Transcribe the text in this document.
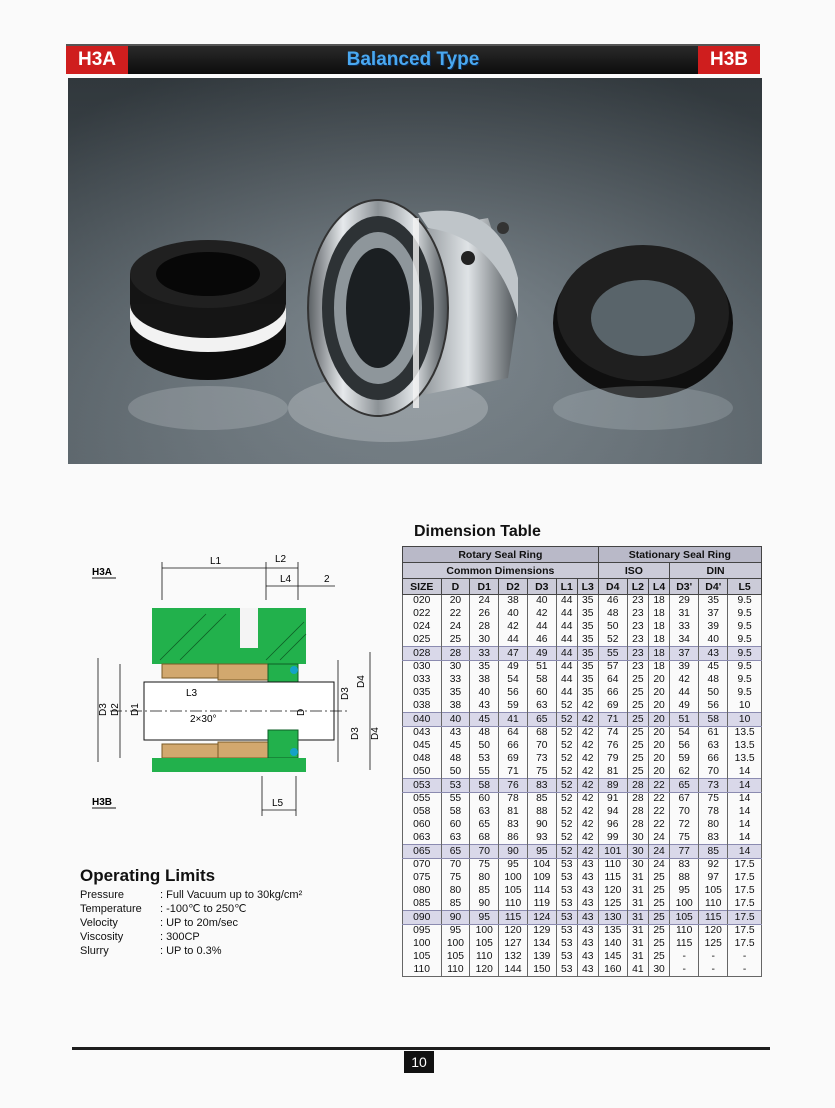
H3A	Balanced Type	H3B
H3A
H3B
L1	L2
L4	2
D3 D2 D1
L3
2×30°
D
D3
D4
D3 D4
L5
Dimension Table
Rotary Seal Ring							Stationary Seal Ring					
Common Dimensions							ISO			DIN		
SIZE	D	D1	D2	D3	L1	L3	D4	L2	L4	D3'	D4'	L5
020	20	24	38	40	44	35	46	23	18	29	35	9.5
022	22	26	40	42	44	35	48	23	18	31	37	9.5
024	24	28	42	44	44	35	50	23	18	33	39	9.5
025	25	30	44	46	44	35	52	23	18	34	40	9.5
028	28	33	47	49	44	35	55	23	18	37	43	9.5
030	30	35	49	51	44	35	57	23	18	39	45	9.5
033	33	38	54	58	44	35	64	25	20	42	48	9.5
035	35	40	56	60	44	35	66	25	20	44	50	9.5
038	38	43	59	63	52	42	69	25	20	49	56	10
040	40	45	41	65	52	42	71	25	20	51	58	10
043	43	48	64	68	52	42	74	25	20	54	61	13.5
045	45	50	66	70	52	42	76	25	20	56	63	13.5
048	48	53	69	73	52	42	79	25	20	59	66	13.5
050	50	55	71	75	52	42	81	25	20	62	70	14
053	53	58	76	83	52	42	89	28	22	65	73	14
055	55	60	78	85	52	42	91	28	22	67	75	14
058	58	63	81	88	52	42	94	28	22	70	78	14
060	60	65	83	90	52	42	96	28	22	72	80	14
063	63	68	86	93	52	42	99	30	24	75	83	14
065	65	70	90	95	52	42	101	30	24	77	85	14
070	70	75	95	104	53	43	110	30	24	83	92	17.5
075	75	80	100	109	53	43	115	31	25	88	97	17.5
080	80	85	105	114	53	43	120	31	25	95	105	17.5
085	85	90	110	119	53	43	125	31	25	100	110	17.5
090	90	95	115	124	53	43	130	31	25	105	115	17.5
095	95	100	120	129	53	43	135	31	25	110	120	17.5
100	100	105	127	134	53	43	140	31	25	115	125	17.5
105	105	110	132	139	53	43	145	31	25	-	-	-
110	110	120	144	150	53	43	160	41	30	-	-	-
Operating Limits
Pressure	: Full Vacuum up to 30kg/cm²
Temperature : -100℃ to 250℃
Velocity	: UP to 20m/sec
Viscosity	: 300CP
Slurry	: UP to 0.3%
10
